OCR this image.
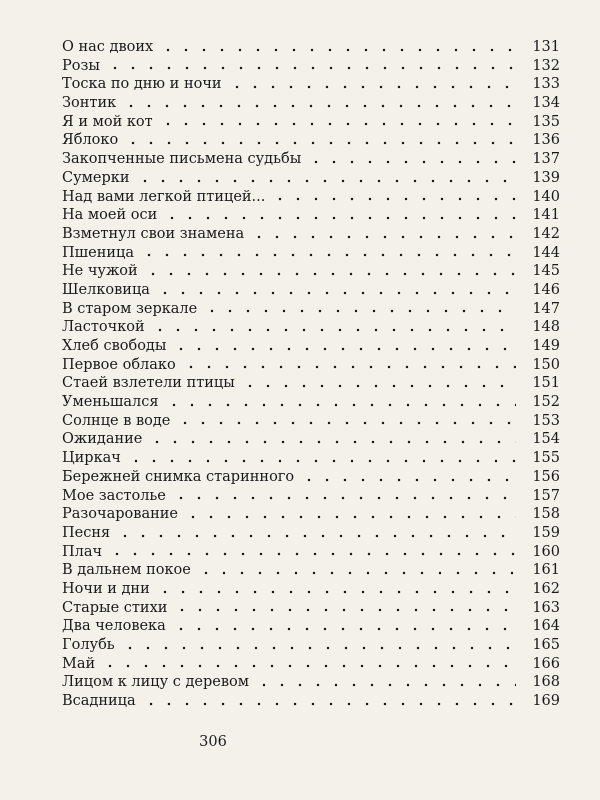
О нас двоих	131
Розы	132
Тоска по дню и ночи	133
Зонтик	134
Я и мой кот	135
Яблоко	136
Закопченные письмена судьбы	137
Сумерки	139
Над вами легкой птицей...	140
На моей оси	141
Взметнул свои знамена	142
Пшеница	144
Не чужой	145
Шелковица	146
В старом зеркале	147
Ласточкой	148
Хлеб свободы	149
Первое облако	150
Стаей взлетели птицы	151
Уменьшался	152
Солнце в воде	153
Ожидание	154
Циркач	155
Бережней снимка старинного	156
Мое застолье	157
Разочарование	158
Песня	159
Плач	160
В дальнем покое	161
Ночи и дни	162
Старые стихи	163
Два человека	164
Голубь	165
Май	166
Лицом к лицу с деревом	168
Всадница	169
306
